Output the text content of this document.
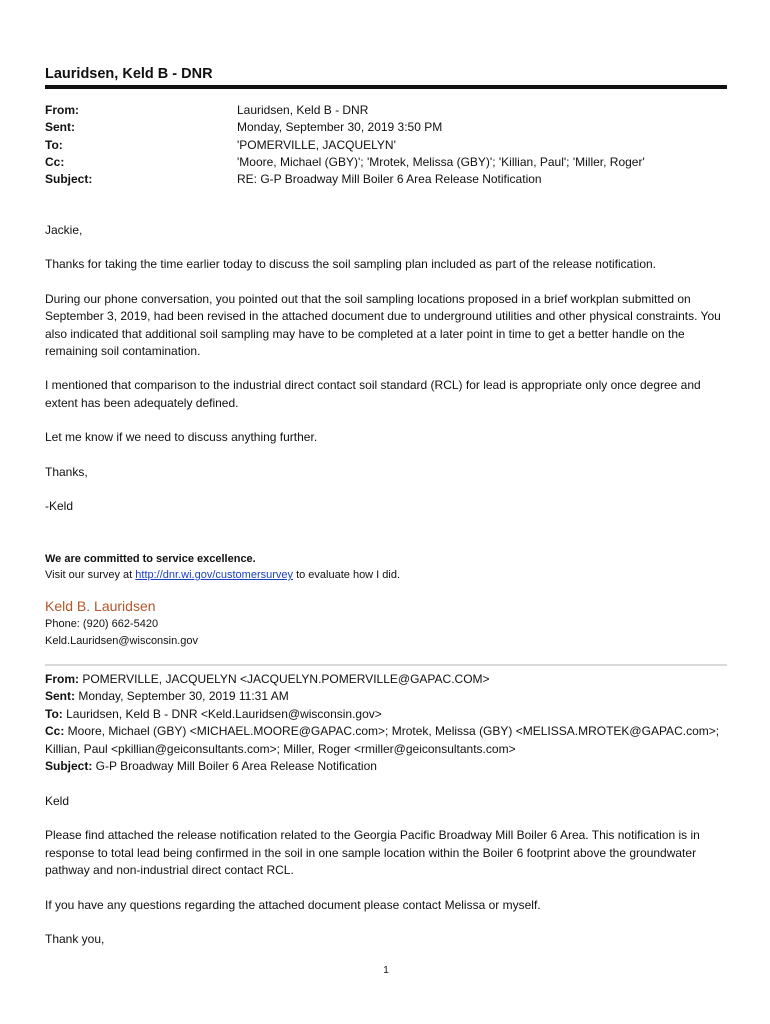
Lauridsen, Keld B - DNR
From:	Lauridsen, Keld B - DNR
Sent:	Monday, September 30, 2019 3:50 PM
To:	'POMERVILLE, JACQUELYN'
Cc:	'Moore, Michael (GBY)'; 'Mrotek, Melissa (GBY)'; 'Killian, Paul'; 'Miller, Roger'
Subject:	RE: G-P Broadway Mill Boiler 6 Area Release Notification

Jackie,

Thanks for taking the time earlier today to discuss the soil sampling plan included as part of the release notification.

During our phone conversation, you pointed out that the soil sampling locations proposed in a brief workplan submitted on September 3, 2019, had been revised in the attached document due to underground utilities and other physical constraints. You also indicated that additional soil sampling may have to be completed at a later point in time to get a better handle on the remaining soil contamination.

I mentioned that comparison to the industrial direct contact soil standard (RCL) for lead is appropriate only once degree and extent has been adequately defined.

Let me know if we need to discuss anything further.

Thanks,

-Keld

We are committed to service excellence.
Visit our survey at http://dnr.wi.gov/customersurvey to evaluate how I did.
Keld B. Lauridsen
Phone: (920) 662-5420
Keld.Lauridsen@wisconsin.gov
From: POMERVILLE, JACQUELYN <JACQUELYN.POMERVILLE@GAPAC.COM>
Sent: Monday, September 30, 2019 11:31 AM
To: Lauridsen, Keld B - DNR <Keld.Lauridsen@wisconsin.gov>
Cc: Moore, Michael (GBY) <MICHAEL.MOORE@GAPAC.com>; Mrotek, Melissa (GBY) <MELISSA.MROTEK@GAPAC.com>;
Killian, Paul <pkillian@geiconsultants.com>; Miller, Roger <rmiller@geiconsultants.com>
Subject: G-P Broadway Mill Boiler 6 Area Release Notification

Keld

Please find attached the release notification related to the Georgia Pacific Broadway Mill Boiler 6 Area. This notification is in response to total lead being confirmed in the soil in one sample location within the Boiler 6 footprint above the groundwater pathway and non-industrial direct contact RCL.

If you have any questions regarding the attached document please contact Melissa or myself.

Thank you,

1
